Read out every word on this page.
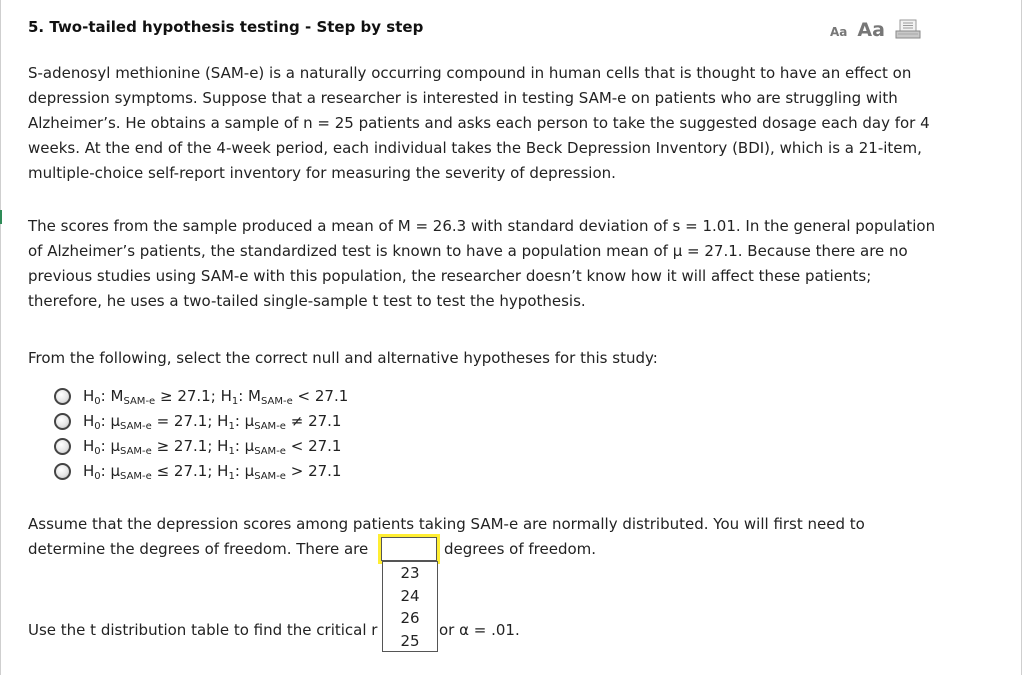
5. Two-tailed hypothesis testing - Step by step	Aa Aa
S-adenosyl methionine (SAM-e) is a naturally occurring compound in human cells that is thought to have an effect on depression symptoms. Suppose that a researcher is interested in testing SAM-e on patients who are struggling with Alzheimer’s. He obtains a sample of n = 25 patients and asks each person to take the suggested dosage each day for 4 weeks. At the end of the 4-week period, each individual takes the Beck Depression Inventory (BDI), which is a 21-item, multiple-choice self-report inventory for measuring the severity of depression.
The scores from the sample produced a mean of M = 26.3 with standard deviation of s = 1.01. In the general population of Alzheimer’s patients, the standardized test is known to have a population mean of μ = 27.1. Because there are no previous studies using SAM-e with this population, the researcher doesn’t know how it will affect these patients; therefore, he uses a two-tailed single-sample t test to test the hypothesis.
From the following, select the correct null and alternative hypotheses for this study:
$H_0$: $M_{SAM-e} \ge 27.1$; $H_1$: $M_{SAM-e} < 27.1$
$H_0$: $\mu_{SAM-e} = 27.1$; $H_1$: $\mu_{SAM-e} \ne 27.1$
$H_0$: $\mu_{SAM-e} \ge 27.1$; $H_1$: $\mu_{SAM-e} < 27.1$
$H_0$: $\mu_{SAM-e} \le 27.1$; $H_1$: $\mu_{SAM-e} > 27.1$
Assume that the depression scores among patients taking SAM-e are normally distributed. You will first need to
determine the degrees of freedom. There are	degrees of freedom.
23
24
26
25
Use the t distribution table to find the critical r	or α = .01.
